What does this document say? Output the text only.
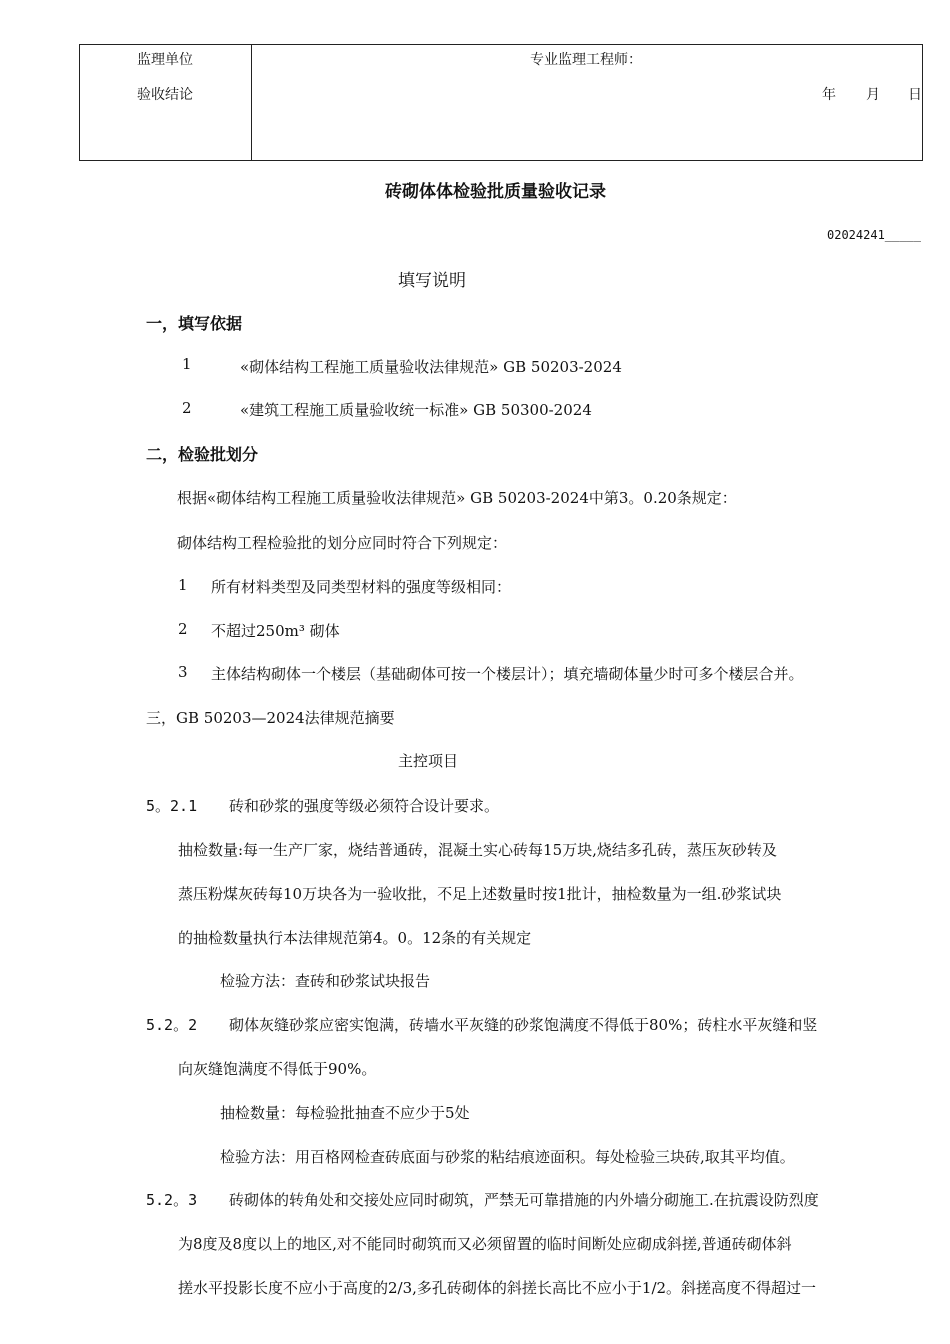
监理单位
验收结论
专业监理工程师：
年 月 日
砖砌体体检验批质量验收记录
02024241_____
填写说明
一，填写依据
1	«砌体结构工程施工质量验收法律规范» GB 50203-2024
2	«建筑工程施工质量验收统一标准» GB 50300-2024
二，检验批划分
根据«砌体结构工程施工质量验收法律规范» GB 50203-2024中第3。0.20条规定：
砌体结构工程检验批的划分应同时符合下列规定：
1 所有材料类型及同类型材料的强度等级相同：
2 不超过250m³ 砌体
3 主体结构砌体一个楼层（基础砌体可按一个楼层计）；填充墙砌体量少时可多个楼层合并。
三，GB 50203—2024法律规范摘要
主控项目
5。2.1 砖和砂浆的强度等级必须符合设计要求。
抽检数量:每一生产厂家，烧结普通砖，混凝土实心砖每15万块,烧结多孔砖，蒸压灰砂转及
蒸压粉煤灰砖每10万块各为一验收批，不足上述数量时按1批计，抽检数量为一组.砂浆试块
的抽检数量执行本法律规范第4。0。12条的有关规定
检验方法：查砖和砂浆试块报告
5.2。2 砌体灰缝砂浆应密实饱满，砖墙水平灰缝的砂浆饱满度不得低于80%；砖柱水平灰缝和竖
向灰缝饱满度不得低于90%。
抽检数量：每检验批抽查不应少于5处
检验方法：用百格网检查砖底面与砂浆的粘结痕迹面积。每处检验三块砖,取其平均值。
5.2。3 砖砌体的转角处和交接处应同时砌筑，严禁无可靠措施的内外墙分砌施工.在抗震设防烈度
为8度及8度以上的地区,对不能同时砌筑而又必须留置的临时间断处应砌成斜搓,普通砖砌体斜
搓水平投影长度不应小于高度的2/3,多孔砖砌体的斜搓长高比不应小于1/2。斜搓高度不得超过一
